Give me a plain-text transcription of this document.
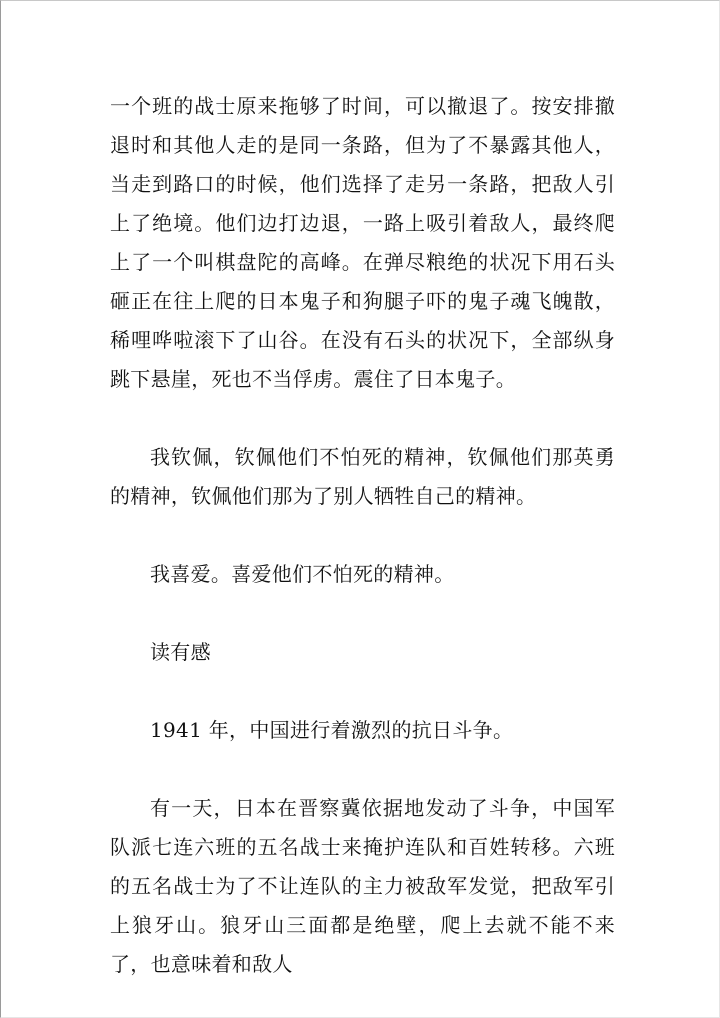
一个班的战士原来拖够了时间，可以撤退了。按安排撤退时和其他人走的是同一条路，但为了不暴露其他人，当走到路口的时候，他们选择了走另一条路，把敌人引上了绝境。他们边打边退，一路上吸引着敌人，最终爬上了一个叫棋盘陀的高峰。在弹尽粮绝的状况下用石头砸正在往上爬的日本鬼子和狗腿子吓的鬼子魂飞魄散，稀哩哗啦滚下了山谷。在没有石头的状况下，全部纵身跳下悬崖，死也不当俘虏。震住了日本鬼子。

我钦佩，钦佩他们不怕死的精神，钦佩他们那英勇的精神，钦佩他们那为了别人牺牲自己的精神。

我喜爱。喜爱他们不怕死的精神。

读有感

1941 年，中国进行着激烈的抗日斗争。

有一天，日本在晋察冀依据地发动了斗争，中国军队派七连六班的五名战士来掩护连队和百姓转移。六班的五名战士为了不让连队的主力被敌军发觉，把敌军引上狼牙山。狼牙山三面都是绝壁，爬上去就不能不来了，也意味着和敌人
